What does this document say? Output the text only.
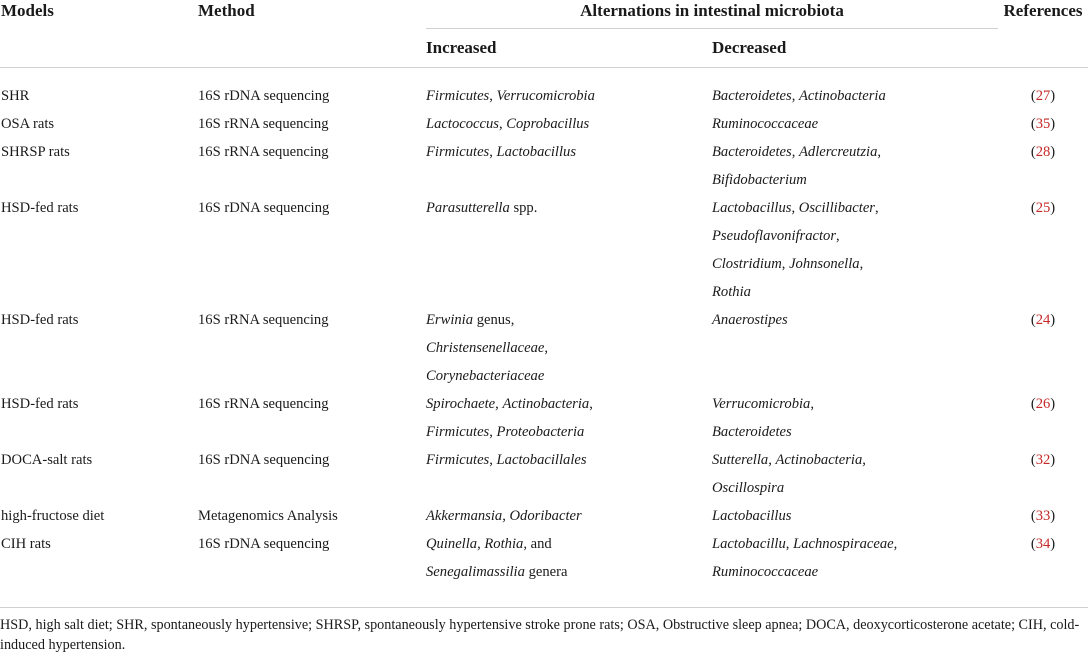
Models	Method	Alternations in intestinal microbiota		References
		Increased	Decreased	

SHR	16S rDNA sequencing	Firmicutes, Verrucomicrobia	Bacteroidetes, Actinobacteria	(27)
OSA rats	16S rRNA sequencing	Lactococcus, Coprobacillus	Ruminococcaceae	(35)
SHRSP rats	16S rRNA sequencing	Firmicutes, Lactobacillus	Bacteroidetes, Adlercreutzia,
Bifidobacterium	(28)
HSD-fed rats	16S rDNA sequencing	Parasutterella spp.	Lactobacillus, Oscillibacter,
Pseudoflavonifractor,
Clostridium, Johnsonella,
Rothia	(25)
HSD-fed rats	16S rRNA sequencing	Erwinia genus,
Christensenellaceae,
Corynebacteriaceae	Anaerostipes	(24)
HSD-fed rats	16S rRNA sequencing	Spirochaete, Actinobacteria,
Firmicutes, Proteobacteria	Verrucomicrobia,
Bacteroidetes	(26)
DOCA-salt rats	16S rDNA sequencing	Firmicutes, Lactobacillales	Sutterella, Actinobacteria,
Oscillospira	(32)
high-fructose diet	Metagenomics Analysis	Akkermansia, Odoribacter	Lactobacillus	(33)
CIH rats	16S rDNA sequencing	Quinella, Rothia, and
Senegalimassilia genera	Lactobacillu, Lachnospiraceae,
Ruminococcaceae	(34)
HSD, high salt diet; SHR, spontaneously hypertensive; SHRSP, spontaneously hypertensive stroke prone rats; OSA, Obstructive sleep apnea; DOCA, deoxycorticosterone acetate; CIH, cold-induced hypertension.
